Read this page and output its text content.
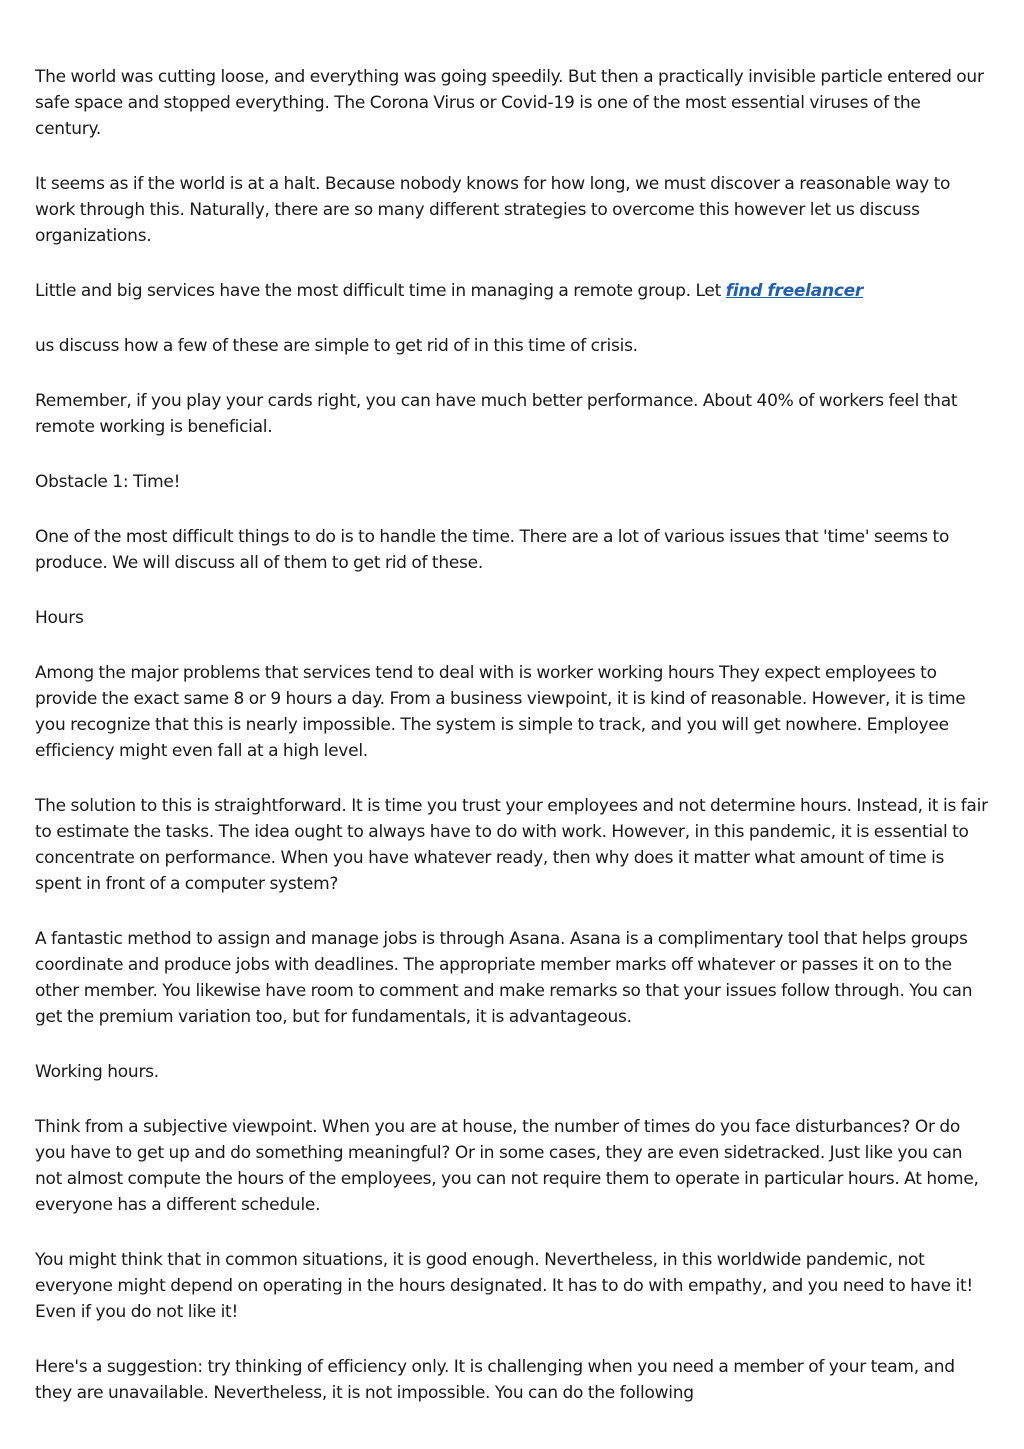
The world was cutting loose, and everything was going speedily. But then a practically invisible particle entered our safe space and stopped everything. The Corona Virus or Covid-19 is one of the most essential viruses of the century.

It seems as if the world is at a halt. Because nobody knows for how long, we must discover a reasonable way to work through this. Naturally, there are so many different strategies to overcome this however let us discuss organizations.

Little and big services have the most difficult time in managing a remote group. Let find freelancer

us discuss how a few of these are simple to get rid of in this time of crisis.

Remember, if you play your cards right, you can have much better performance. About 40% of workers feel that remote working is beneficial.

Obstacle 1: Time!

One of the most difficult things to do is to handle the time. There are a lot of various issues that 'time' seems to produce. We will discuss all of them to get rid of these.

Hours

Among the major problems that services tend to deal with is worker working hours They expect employees to provide the exact same 8 or 9 hours a day. From a business viewpoint, it is kind of reasonable. However, it is time you recognize that this is nearly impossible. The system is simple to track, and you will get nowhere. Employee efficiency might even fall at a high level.

The solution to this is straightforward. It is time you trust your employees and not determine hours. Instead, it is fair to estimate the tasks. The idea ought to always have to do with work. However, in this pandemic, it is essential to concentrate on performance. When you have whatever ready, then why does it matter what amount of time is spent in front of a computer system?

A fantastic method to assign and manage jobs is through Asana. Asana is a complimentary tool that helps groups coordinate and produce jobs with deadlines. The appropriate member marks off whatever or passes it on to the other member. You likewise have room to comment and make remarks so that your issues follow through. You can get the premium variation too, but for fundamentals, it is advantageous.

Working hours.

Think from a subjective viewpoint. When you are at house, the number of times do you face disturbances? Or do you have to get up and do something meaningful? Or in some cases, they are even sidetracked. Just like you can not almost compute the hours of the employees, you can not require them to operate in particular hours. At home, everyone has a different schedule.

You might think that in common situations, it is good enough. Nevertheless, in this worldwide pandemic, not everyone might depend on operating in the hours designated. It has to do with empathy, and you need to have it! Even if you do not like it!

Here's a suggestion: try thinking of efficiency only. It is challenging when you need a member of your team, and they are unavailable. Nevertheless, it is not impossible. You can do the following
